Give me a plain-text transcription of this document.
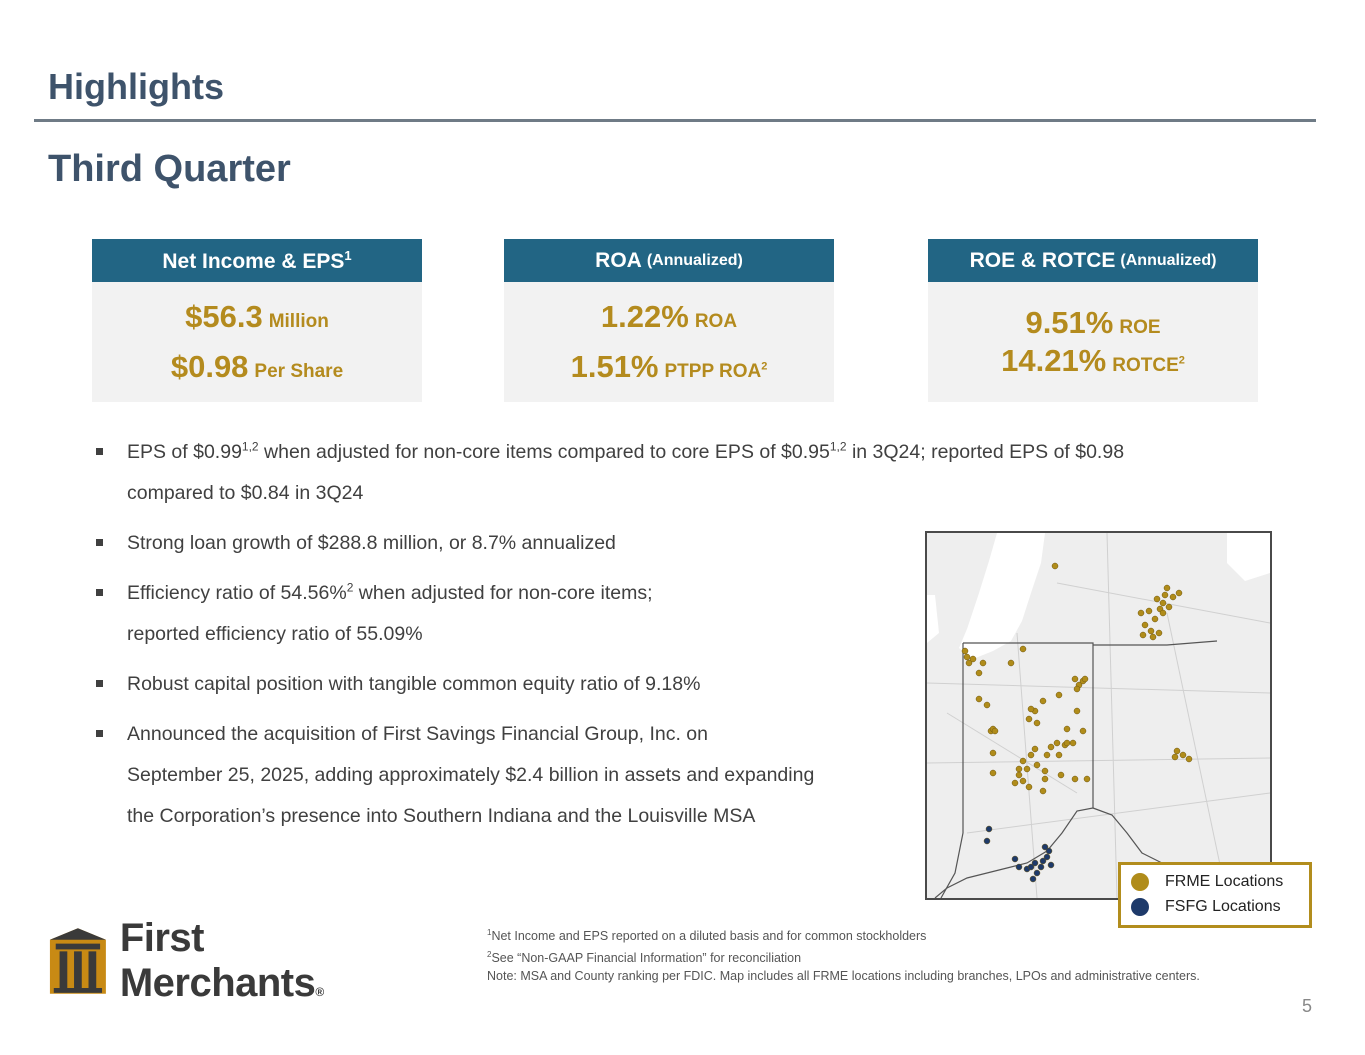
Highlights
Third Quarter
Net Income & EPS$^1$
$56.3 Million
$0.98 Per Share
ROA (Annualized)
1.22% ROA
1.51% PTPP ROA$^2$
ROE & ROTCE (Annualized)
9.51% ROE
14.21% ROTCE$^2$
EPS of $0.99$^{1,2}$ when adjusted for non-core items compared to core EPS of $0.95$^{1,2}$ in 3Q24; reported EPS of $0.98
compared to $0.84 in 3Q24
Strong loan growth of $288.8 million, or 8.7% annualized
Efficiency ratio of 54.56%$^2$ when adjusted for non-core items;
reported efficiency ratio of 55.09%
Robust capital position with tangible common equity ratio of 9.18%
Announced the acquisition of First Savings Financial Group, Inc. on
September 25, 2025, adding approximately $2.4 billion in assets and expanding
the Corporation’s presence into Southern Indiana and the Louisville MSA
FRME Locations
FSFG Locations
First Merchants®
$^1$Net Income and EPS reported on a diluted basis and for common stockholders
$^2$See “Non-GAAP Financial Information” for reconciliation
Note: MSA and County ranking per FDIC. Map includes all FRME locations including branches, LPOs and administrative centers.
5
